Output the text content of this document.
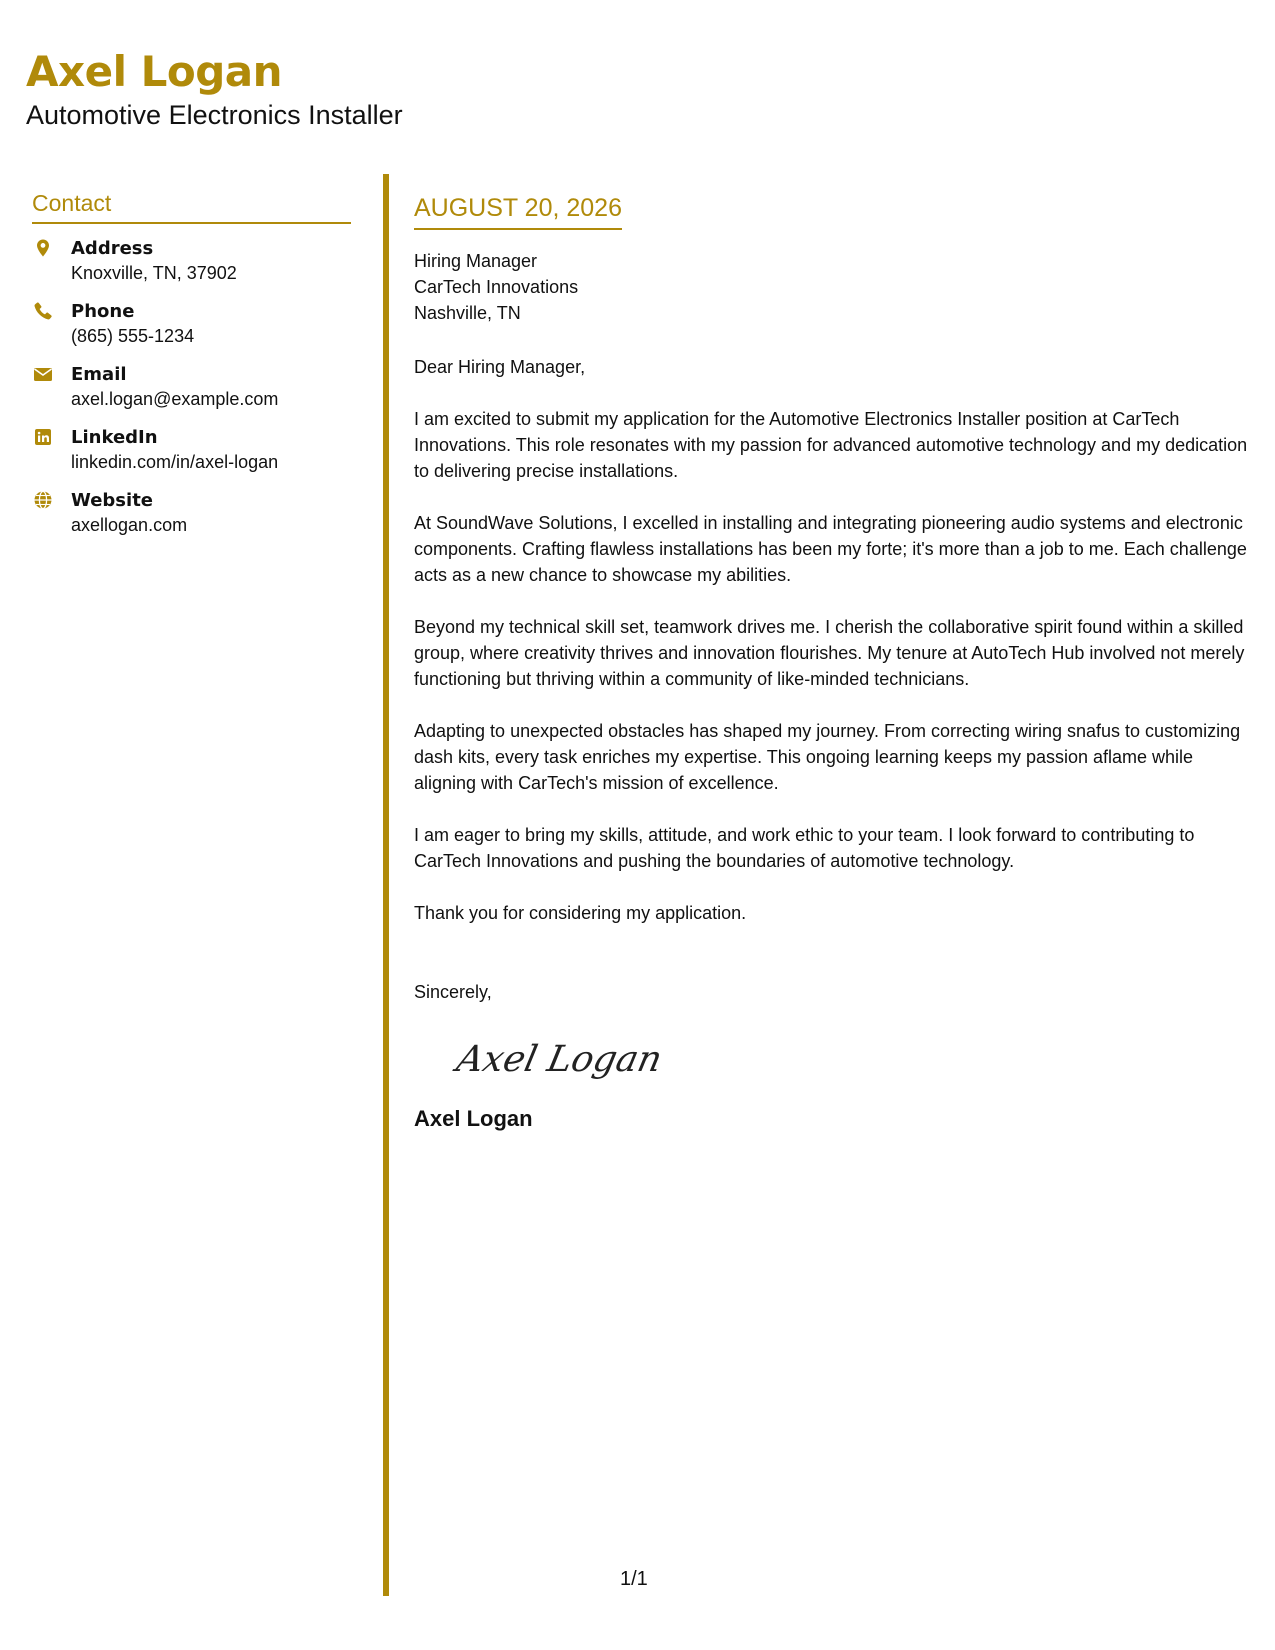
Axel Logan
Automotive Electronics Installer
Contact
Address
Knoxville, TN, 37902
Phone
(865) 555-1234
Email
axel.logan@example.com
LinkedIn
linkedin.com/in/axel-logan
Website
axellogan.com
AUGUST 20, 2026
Hiring Manager
CarTech Innovations
Nashville, TN
Dear Hiring Manager,
I am excited to submit my application for the Automotive Electronics Installer position at CarTech Innovations. This role resonates with my passion for advanced automotive technology and my dedication to delivering precise installations.
At SoundWave Solutions, I excelled in installing and integrating pioneering audio systems and electronic components. Crafting flawless installations has been my forte; it's more than a job to me. Each challenge acts as a new chance to showcase my abilities.
Beyond my technical skill set, teamwork drives me. I cherish the collaborative spirit found within a skilled group, where creativity thrives and innovation flourishes. My tenure at AutoTech Hub involved not merely functioning but thriving within a community of like-minded technicians.
Adapting to unexpected obstacles has shaped my journey. From correcting wiring snafus to customizing dash kits, every task enriches my expertise. This ongoing learning keeps my passion aflame while aligning with CarTech's mission of excellence.
I am eager to bring my skills, attitude, and work ethic to your team. I look forward to contributing to CarTech Innovations and pushing the boundaries of automotive technology.
Thank you for considering my application.
Sincerely,
Axel Logan
Axel Logan
1/1
